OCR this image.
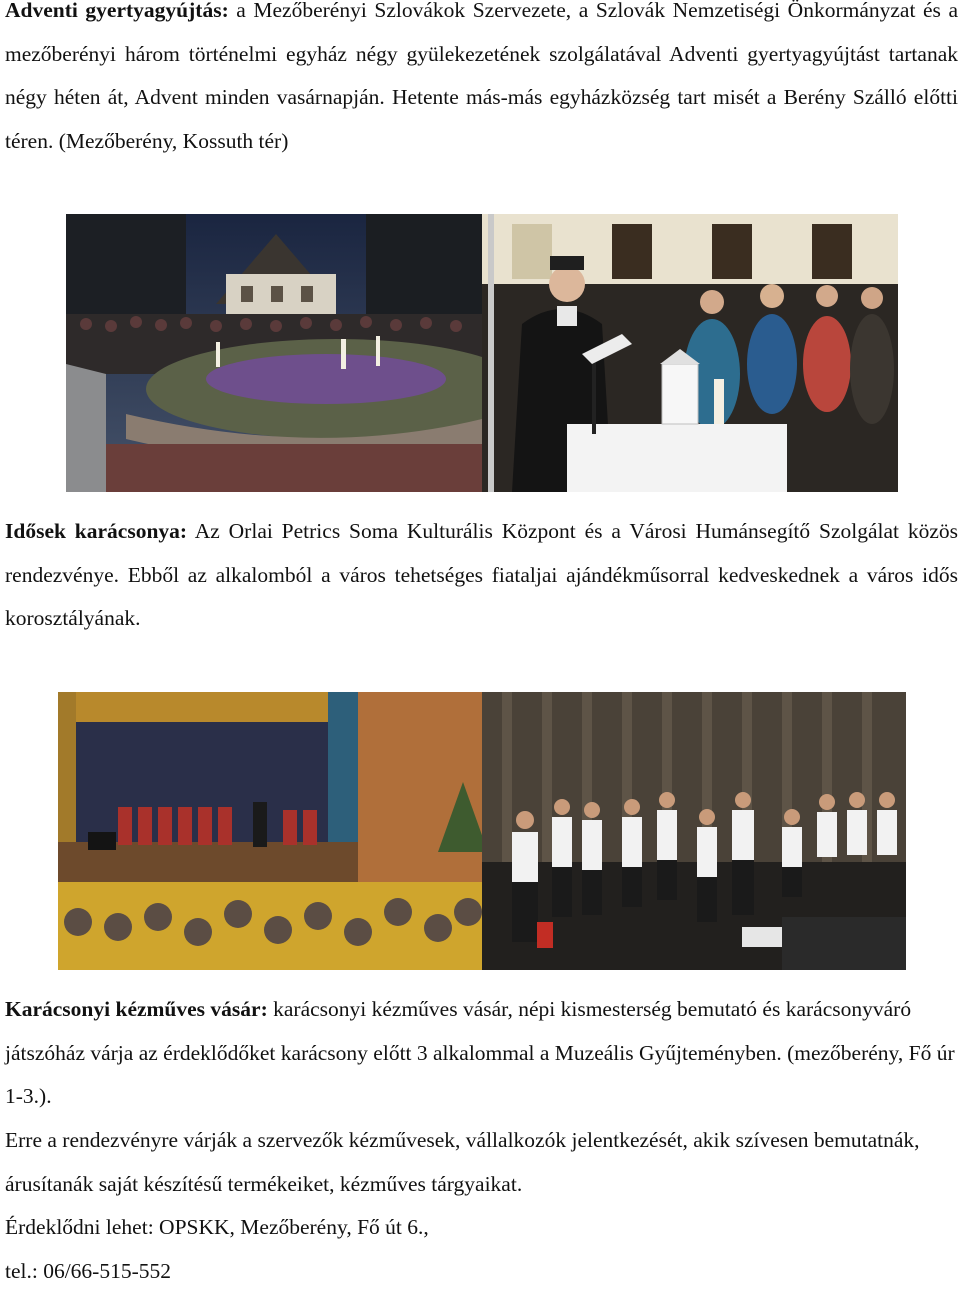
Adventi gyertyagyújtás: a Mezőberényi Szlovákok Szervezete, a Szlovák Nemzetiségi Önkormányzat és a mezőberényi három történelmi egyház négy gyülekezetének szolgálatával Adventi gyertyagyújtást tartanak négy héten át, Advent minden vasárnapján. Hetente más-más egyházközség tart misét a Berény Szálló előtti téren. (Mezőberény, Kossuth tér)

Idősek karácsonya: Az Orlai Petrics Soma Kulturális Központ és a Városi Humánsegítő Szolgálat közös rendezvénye. Ebből az alkalomból a város tehetséges fiataljai ajándékműsorral kedveskednek a város idős korosztályának.

Karácsonyi kézműves vásár: karácsonyi kézműves vásár, népi kismesterség bemutató és karácsonyváró játszóház várja az érdeklődőket karácsony előtt 3 alkalommal a Muzeális Gyűjteményben. (mezőberény, Fő úr 1-3.).

Erre a rendezvényre várják a szervezők kézművesek, vállalkozók jelentkezését, akik szívesen bemutatnák, árusítanák saját készítésű termékeiket, kézműves tárgyaikat.

Érdeklődni lehet: OPSKK, Mezőberény, Fő út 6.,

tel.: 06/66-515-552
